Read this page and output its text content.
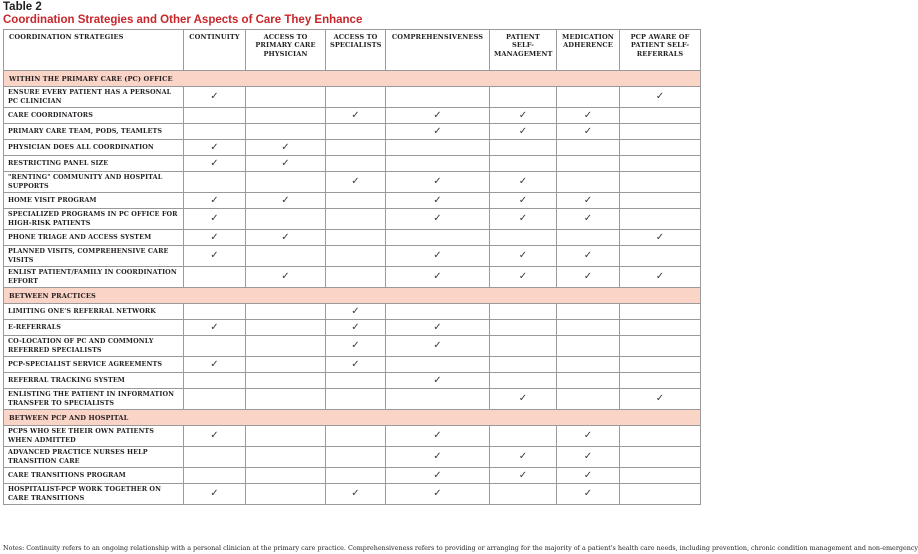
Table 2
Coordination Strategies and Other Aspects of Care They Enhance
COORDINATION STRATEGIES	CONTINUITY	ACCESS TO PRIMARY CARE PHYSICIAN	ACCESS TO SPECIALISTS	COMPREHENSIVENESS	PATIENT SELF-MANAGEMENT	MEDICATION ADHERENCE	PCP AWARE OF PATIENT SELF-REFERRALS
WITHIN THE PRIMARY CARE (PC) OFFICE							
ENSURE EVERY PATIENT HAS A PERSONAL PC CLINICIAN	✓						✓
CARE COORDINATORS			✓	✓	✓	✓	
PRIMARY CARE TEAM, PODS, TEAMLETS				✓	✓	✓	
PHYSICIAN DOES ALL COORDINATION	✓	✓					
RESTRICTING PANEL SIZE	✓	✓					
"RENTING" COMMUNITY AND HOSPITAL SUPPORTS			✓	✓	✓		
HOME VISIT PROGRAM	✓	✓		✓	✓	✓	
SPECIALIZED PROGRAMS IN PC OFFICE FOR HIGH-RISK PATIENTS	✓			✓	✓	✓	
PHONE TRIAGE AND ACCESS SYSTEM	✓	✓					✓
PLANNED VISITS, COMPREHENSIVE CARE VISITS	✓			✓	✓	✓	
ENLIST PATIENT/FAMILY IN COORDINATION EFFORT		✓		✓	✓	✓	✓
BETWEEN PRACTICES							
LIMITING ONE'S REFERRAL NETWORK			✓				
E-REFERRALS	✓		✓	✓			
CO-LOCATION OF PC AND COMMONLY REFERRED SPECIALISTS			✓	✓			
PCP-SPECIALIST SERVICE AGREEMENTS	✓		✓				
REFERRAL TRACKING SYSTEM				✓			
ENLISTING THE PATIENT IN INFORMATION TRANSFER TO SPECIALISTS					✓		✓
BETWEEN PCP AND HOSPITAL							
PCPS WHO SEE THEIR OWN PATIENTS WHEN ADMITTED	✓			✓		✓	
ADVANCED PRACTICE NURSES HELP TRANSITION CARE				✓	✓	✓	
CARE TRANSITIONS PROGRAM				✓	✓	✓	
HOSPITALIST-PCP WORK TOGETHER ON CARE TRANSITIONS	✓		✓	✓		✓	
Notes: Continuity refers to an ongoing relationship with a personal clinician at the primary care practice. Comprehensiveness refers to providing or arranging for the majority of a patient's health care needs, including prevention, chronic condition management and non-emergency
